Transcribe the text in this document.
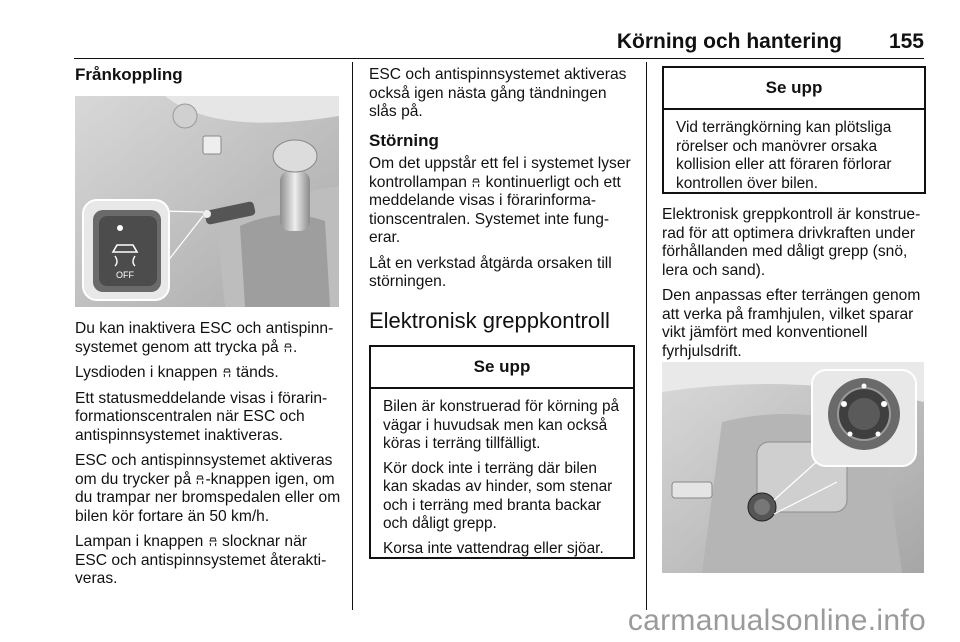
Körning och hantering 155
Frånkoppling
OFF

Du kan inaktivera ESC och antispinn-systemet genom att trycka på .

Lysdioden i knappen tänds.

Ett statusmeddelande visas i förarin-formationscentralen när ESC och antispinnsystemet inaktiveras.

ESC och antispinnsystemet aktiveras om du trycker på -knappen igen, om du trampar ner bromspedalen eller om bilen kör fortare än 50 km/h.

Lampan i knappen slocknar när ESC och antispinnsystemet återakti-veras.

ESC och antispinnsystemet aktiveras också igen nästa gång tändningen slås på.

Störning

Om det uppstår ett fel i systemet lyser kontrollampan kontinuerligt och ett meddelande visas i förarinforma-tionscentralen. Systemet inte fung-erar.

Låt en verkstad åtgärda orsaken till störningen.

Elektronisk greppkontroll
Se upp

Bilen är konstruerad för körning på vägar i huvudsak men kan också köras i terräng tillfälligt.

Kör dock inte i terräng där bilen kan skadas av hinder, som stenar och i terräng med branta backar och dåligt grepp.

Korsa inte vattendrag eller sjöar.

Se upp

Vid terrängkörning kan plötsliga rörelser och manövrer orsaka kollision eller att föraren förlorar kontrollen över bilen.

Elektronisk greppkontroll är konstrue-rad för att optimera drivkraften under förhållanden med dåligt grepp (snö, lera och sand).

Den anpassas efter terrängen genom att verka på framhjulen, vilket sparar vikt jämfört med konventionell fyrhjulsdrift.

carmanualsonline.info
